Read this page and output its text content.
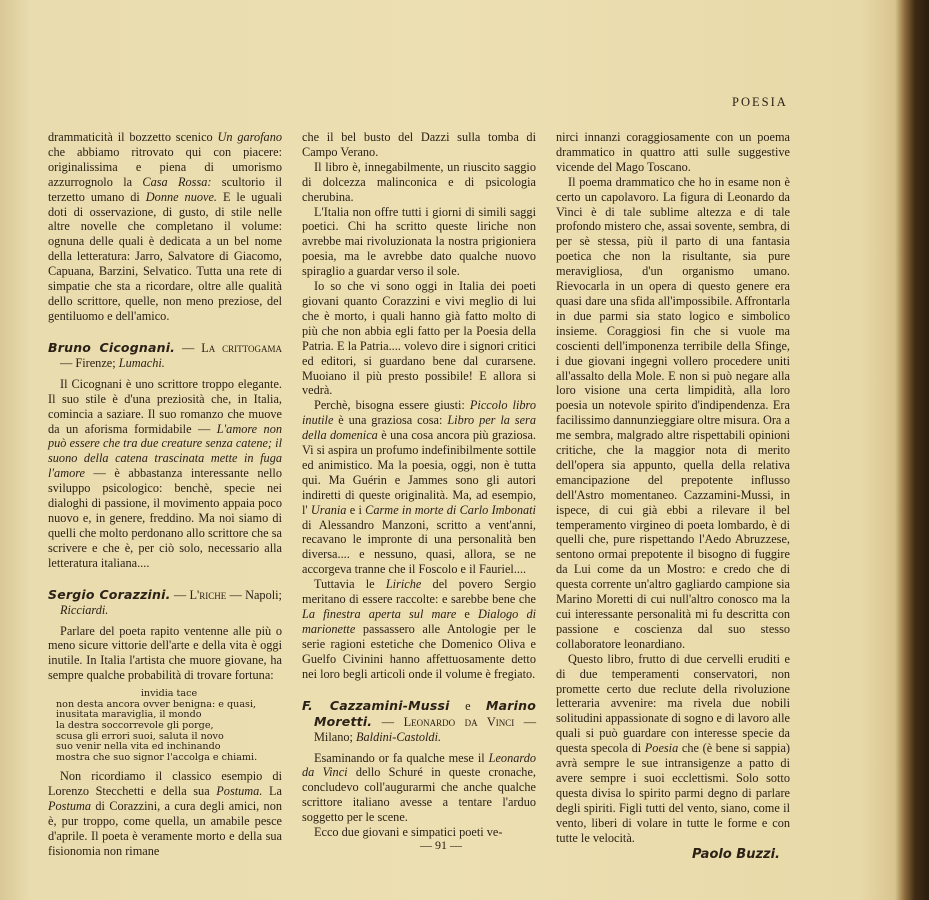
POESIA

drammaticità il bozzetto scenico Un garofano che abbiamo ritrovato qui con piacere: originalissima e piena di umorismo azzurrognolo la Casa Rossa: scultorio il terzetto umano di Donne nuove. E le uguali doti di osservazione, di gusto, di stile nelle altre novelle che completano il volume: ognuna delle quali è dedicata a un bel nome della letteratura: Jarro, Salvatore di Giacomo, Capuana, Barzini, Selvatico. Tutta una rete di simpatie che sta a ricordare, oltre alle qualità dello scrittore, quelle, non meno preziose, del gentiluomo e dell'amico.

Bruno Cicognani. — La crittogama — Firenze; Lumachi.

Il Cicognani è uno scrittore troppo elegante. Il suo stile è d'una preziosità che, in Italia, comincia a saziare. Il suo romanzo che muove da un aforisma formidabile — L'amore non può essere che tra due creature senza catene; il suono della catena trascinata mette in fuga l'amore — è abbastanza interessante nello sviluppo psicologico: benchè, specie nei dialoghi di passione, il movimento appaia poco nuovo e, in genere, freddino. Ma noi siamo di quelli che molto perdonano allo scrittore che sa scrivere e che è, per ciò solo, necessario alla letteratura italiana....

Sergio Corazzini. — L'riche — Napoli; Ricciardi.

Parlare del poeta rapito ventenne alle più o meno sicure vittorie dell'arte e della vita è oggi inutile. In Italia l'artista che muore giovane, ha sempre qualche probabilità di trovare fortuna:

invidia tace
non desta ancora ovver benigna: e quasi,
inusitata maraviglia, il mondo
la destra soccorrevole gli porge,
scusa gli errori suoi, saluta il novo
suo venir nella vita ed inchinando
mostra che suo signor l'accolga e chiami.

Non ricordiamo il classico esempio di Lorenzo Stecchetti e della sua Postuma. La Postuma di Corazzini, a cura degli amici, non è, pur troppo, come quella, un amabile pesce d'aprile. Il poeta è veramente morto e della sua fisionomia non rimane

che il bel busto del Dazzi sulla tomba di Campo Verano.

Il libro è, innegabilmente, un riuscito saggio di dolcezza malinconica e di psicologia cherubina.

L'Italia non offre tutti i giorni di simili saggi poetici. Chi ha scritto queste liriche non avrebbe mai rivoluzionata la nostra prigioniera poesia, ma le avrebbe dato qualche nuovo spiraglio a guardar verso il sole.

Io so che vi sono oggi in Italia dei poeti giovani quanto Corazzini e vivi meglio di lui che è morto, i quali hanno già fatto molto di più che non abbia egli fatto per la Poesia della Patria. E la Patria.... volevo dire i signori critici ed editori, si guardano bene dal curarsene. Muoiano il più presto possibile! E allora si vedrà.

Perchè, bisogna essere giusti: Piccolo libro inutile è una graziosa cosa: Libro per la sera della domenica è una cosa ancora più graziosa. Vi si aspira un profumo indefinibilmente sottile ed animistico. Ma la poesia, oggi, non è tutta qui. Ma Guérin e Jammes sono gli autori indiretti di queste originalità. Ma, ad esempio, l' Urania e i Carme in morte di Carlo Imbonati di Alessandro Manzoni, scritto a vent'anni, recavano le impronte di una personalità ben diversa.... e nessuno, quasi, allora, se ne accorgeva tranne che il Foscolo e il Fauriel....

Tuttavia le Liriche del povero Sergio meritano di essere raccolte: e sarebbe bene che La finestra aperta sul mare e Dialogo di marionette passassero alle Antologie per le serie ragioni estetiche che Domenico Oliva e Guelfo Civinini hanno affettuosamente detto nei loro begli articoli onde il volume è fregiato.

F. Cazzamini-Mussi e Marino Moretti. — Leonardo da Vinci — Milano; Baldini-Castoldi.

Esaminando or fa qualche mese il Leonardo da Vinci dello Schuré in queste cronache, concludevo coll'augurarmi che anche qualche scrittore italiano avesse a tentare l'arduo soggetto per le scene.

Ecco due giovani e simpatici poeti ve-

nirci innanzi coraggiosamente con un poema drammatico in quattro atti sulle suggestive vicende del Mago Toscano.

Il poema drammatico che ho in esame non è certo un capolavoro. La figura di Leonardo da Vinci è di tale sublime altezza e di tale profondo mistero che, assai sovente, sembra, di per sè stessa, più il parto di una fantasia poetica che non la risultante, sia pure meravigliosa, d'un organismo umano. Rievocarla in un opera di questo genere era quasi dare una sfida all'impossibile. Affrontarla in due parmi sia stato logico e simbolico insieme. Coraggiosi fin che si vuole ma coscienti dell'imponenza terribile della Sfinge, i due giovani ingegni vollero procedere uniti all'assalto della Mole. E non si può negare alla loro visione una certa limpidità, alla loro poesia un notevole spirito d'indipendenza. Era facilissimo dannunzieggiare oltre misura. Ora a me sembra, malgrado altre rispettabili opinioni critiche, che la maggior nota di merito dell'opera sia appunto, quella della relativa emancipazione del prepotente influsso dell'Astro momentaneo. Cazzamini-Mussi, in ispece, di cui già ebbi a rilevare il bel temperamento virgineo di poeta lombardo, è di quelli che, pure rispettando l'Aedo Abruzzese, sentono ormai prepotente il bisogno di fuggire da Lui come da un Mostro: e credo che di questa corrente un'altro gagliardo campione sia Marino Moretti di cui null'altro conosco ma la cui interessante personalità mi fu descritta con passione e coscienza dal suo stesso collaboratore leonardiano.

Questo libro, frutto di due cervelli eruditi e di due temperamenti conservatori, non promette certo due reclute della rivoluzione letteraria avvenire: ma rivela due nobili solitudini appassionate di sogno e di lavoro alle quali si può guardare con interesse specie da questa specola di Poesia che (è bene si sappia) avrà sempre le sue intransigenze a patto di avere sempre i suoi ecclettismi. Solo sotto questa divisa lo spirito parmi degno di parlare degli spiriti. Figli tutti del vento, siano, come il vento, liberi di volare in tutte le forme e con tutte le velocità.

Paolo Buzzi.
— 91 —
